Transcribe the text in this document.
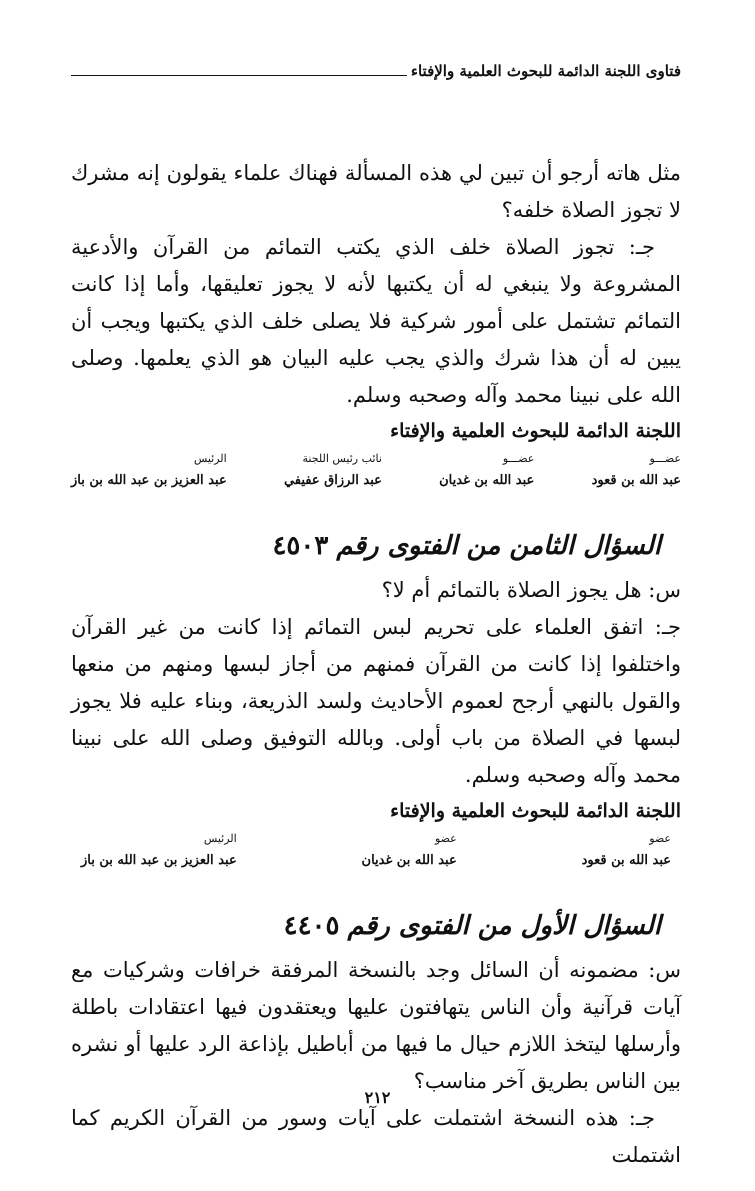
فتاوى اللجنة الدائمة للبحوث العلمية والإفتاء

مثل هاته أرجو أن تبين لي هذه المسألة فهناك علماء يقولون إنه مشرك لا تجوز الصلاة خلفه؟

جـ: تجوز الصلاة خلف الذي يكتب التمائم من القرآن والأدعية المشروعة ولا ينبغي له أن يكتبها لأنه لا يجوز تعليقها، وأما إذا كانت التمائم تشتمل على أمور شركية فلا يصلى خلف الذي يكتبها ويجب أن يبين له أن هذا شرك والذي يجب عليه البيان هو الذي يعلمها. وصلى الله على نبينا محمد وآله وصحبه وسلم.

اللجنة الدائمة للبحوث العلمية والإفتاء
عضـــو
عبد الله بن قعود
عضـــو
عبد الله بن غديان
نائب رئيس اللجنة
عبد الرزاق عفيفي
الرئيس
عبد العزيز بن عبد الله بن باز
السؤال الثامن من الفتوى رقم٤٥٠٣

س: هل يجوز الصلاة بالتمائم أم لا؟

جـ: اتفق العلماء على تحريم لبس التمائم إذا كانت من غير القرآن واختلفوا إذا كانت من القرآن فمنهم من أجاز لبسها ومنهم من منعها والقول بالنهي أرجح لعموم الأحاديث ولسد الذريعة، وبناء عليه فلا يجوز لبسها في الصلاة من باب أولى. وبالله التوفيق وصلى الله على نبينا محمد وآله وصحبه وسلم.

اللجنة الدائمة للبحوث العلمية والإفتاء
عضو
عبد الله بن قعود
عضو
عبد الله بن غديان
الرئيس
عبد العزيز بن عبد الله بن باز
السؤال الأول من الفتوى رقم٤٤٠٥

س: مضمونه أن السائل وجد بالنسخة المرفقة خرافات وشركيات مع آيات قرآنية وأن الناس يتهافتون عليها ويعتقدون فيها اعتقادات باطلة وأرسلها ليتخذ اللازم حيال ما فيها من أباطيل بإذاعة الرد عليها أو نشره بين الناس بطريق آخر مناسب؟

جـ: هذه النسخة اشتملت على آيات وسور من القرآن الكريم كما اشتملت

٢١٢
